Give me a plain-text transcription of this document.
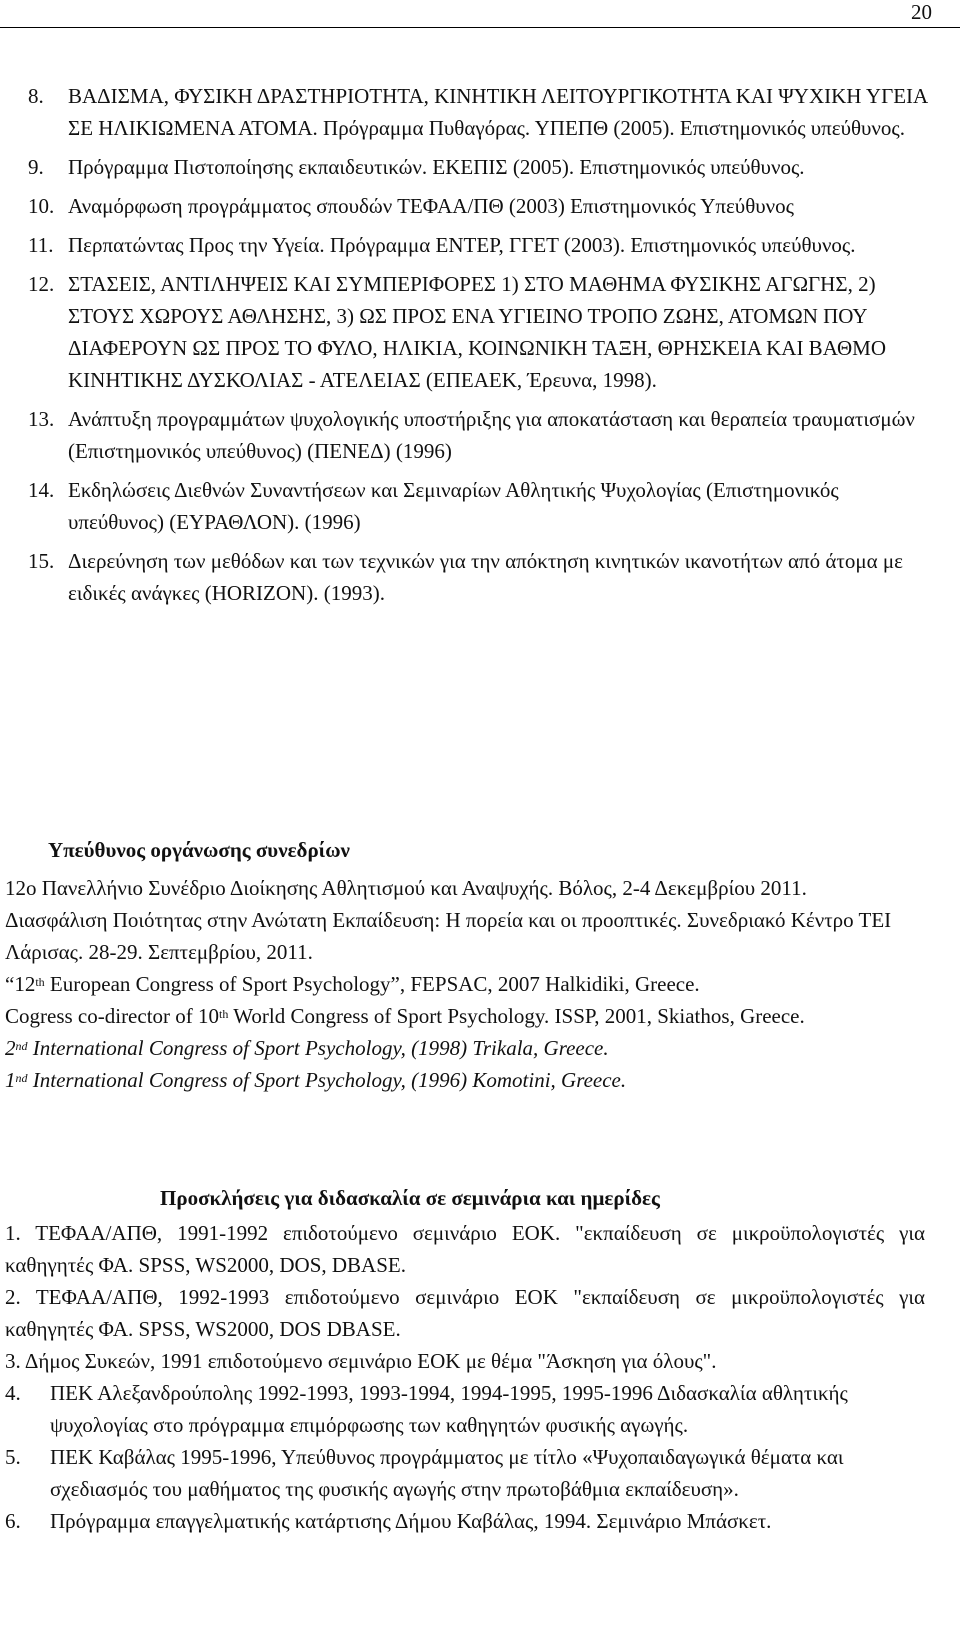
20
8.	ΒΑΔΙΣΜΑ, ΦΥΣΙΚΗ ΔΡΑΣΤΗΡΙΟΤΗΤΑ, ΚΙΝΗΤΙΚΗ ΛΕΙΤΟΥΡΓΙΚΟΤΗΤΑ ΚΑΙ ΨΥΧΙΚΗ ΥΓΕΙΑ ΣΕ ΗΛΙΚΙΩΜΕΝΑ ΑΤΟΜΑ. Πρόγραμμα Πυθαγόρας. ΥΠΕΠΘ (2005). Επιστημονικός υπεύθυνος.
9.	Πρόγραμμα Πιστοποίησης εκπαιδευτικών. ΕΚΕΠΙΣ (2005). Επιστημονικός υπεύθυνος.
10. Αναμόρφωση προγράμματος σπουδών ΤΕΦΑΑ/ΠΘ (2003) Επιστημονικός Υπεύθυνος
11. Περπατώντας Προς την Υγεία. Πρόγραμμα ΕΝΤΕΡ, ΓΓΕΤ (2003). Επιστημονικός υπεύθυνος.
12. ΣΤΑΣΕΙΣ, ΑΝΤΙΛΗΨΕΙΣ ΚΑΙ ΣΥΜΠΕΡΙΦΟΡΕΣ 1) ΣΤΟ ΜΑΘΗΜΑ ΦΥΣΙΚΗΣ ΑΓΩΓΗΣ, 2) ΣΤΟΥΣ ΧΩΡΟΥΣ ΑΘΛΗΣΗΣ, 3) ΩΣ ΠΡΟΣ ΕΝΑ ΥΓΙΕΙΝΟ ΤΡΟΠΟ ΖΩΗΣ, ΑΤΟΜΩΝ ΠΟΥ ΔΙΑΦΕΡΟΥΝ ΩΣ ΠΡΟΣ ΤΟ ΦΥΛΟ, ΗΛΙΚΙΑ, ΚΟΙΝΩΝΙΚΗ ΤΑΞΗ, ΘΡΗΣΚΕΙΑ ΚΑΙ ΒΑΘΜΟ ΚΙΝΗΤΙΚΗΣ ΔΥΣΚΟΛΙΑΣ - ΑΤΕΛΕΙΑΣ (ΕΠΕΑΕΚ, Έρευνα, 1998).
13. Ανάπτυξη προγραμμάτων ψυχολογικής υποστήριξης για αποκατάσταση και θεραπεία τραυματισμών (Επιστημονικός υπεύθυνος) (ΠΕΝΕΔ) (1996)
14. Εκδηλώσεις Διεθνών Συναντήσεων και Σεμιναρίων Αθλητικής Ψυχολογίας (Επιστημονικός υπεύθυνος) (ΕΥΡΑΘΛΟΝ). (1996)
15. Διερεύνηση των μεθόδων και των τεχνικών για την απόκτηση κινητικών ικανοτήτων από άτομα με ειδικές ανάγκες (HORIZON). (1993).
Υπεύθυνος οργάνωσης συνεδρίων

12ο Πανελλήνιο Συνέδριο Διοίκησης Αθλητισμού και Αναψυχής. Βόλος, 2-4 Δεκεμβρίου 2011.

Διασφάλιση Ποιότητας στην Ανώτατη Εκπαίδευση: Η πορεία και οι προοπτικές. Συνεδριακό Κέντρο ΤΕΙ Λάρισας. 28-29. Σεπτεμβρίου, 2011.

“12th European Congress of Sport Psychology”, FEPSAC, 2007 Halkidiki, Greece.

Cogress co-director of 10th World Congress of Sport Psychology. ISSP, 2001, Skiathos, Greece.

2nd International Congress of Sport Psychology, (1998) Trikala, Greece.

1nd International Congress of Sport Psychology, (1996) Komotini, Greece.

Προσκλήσεις για διδασκαλία σε σεμινάρια και ημερίδες

1. ΤΕΦΑΑ/ΑΠΘ, 1991-1992 επιδοτούμενο σεμινάριο ΕΟΚ. "εκπαίδευση σε μικροϋπολογιστές για καθηγητές ΦΑ. SPSS, WS2000, DOS, DBASE.

2. ΤΕΦΑΑ/ΑΠΘ, 1992-1993 επιδοτούμενο σεμινάριο ΕΟΚ "εκπαίδευση σε μικροϋπολογιστές για καθηγητές ΦΑ. SPSS, WS2000, DOS DBASE.

3. Δήμος Συκεών, 1991 επιδοτούμενο σεμινάριο ΕΟΚ με θέμα "Άσκηση για όλους".

4.	ΠΕΚ Αλεξανδρούπολης 1992-1993, 1993-1994, 1994-1995, 1995-1996 Διδασκαλία αθλητικής ψυχολογίας στο πρόγραμμα επιμόρφωσης των καθηγητών φυσικής αγωγής.
5.	ΠΕΚ Καβάλας 1995-1996, Υπεύθυνος προγράμματος με τίτλο «Ψυχοπαιδαγωγικά θέματα και σχεδιασμός του μαθήματος της φυσικής αγωγής στην πρωτοβάθμια εκπαίδευση».
6.	Πρόγραμμα επαγγελματικής κατάρτισης Δήμου Καβάλας, 1994. Σεμινάριο Μπάσκετ.
